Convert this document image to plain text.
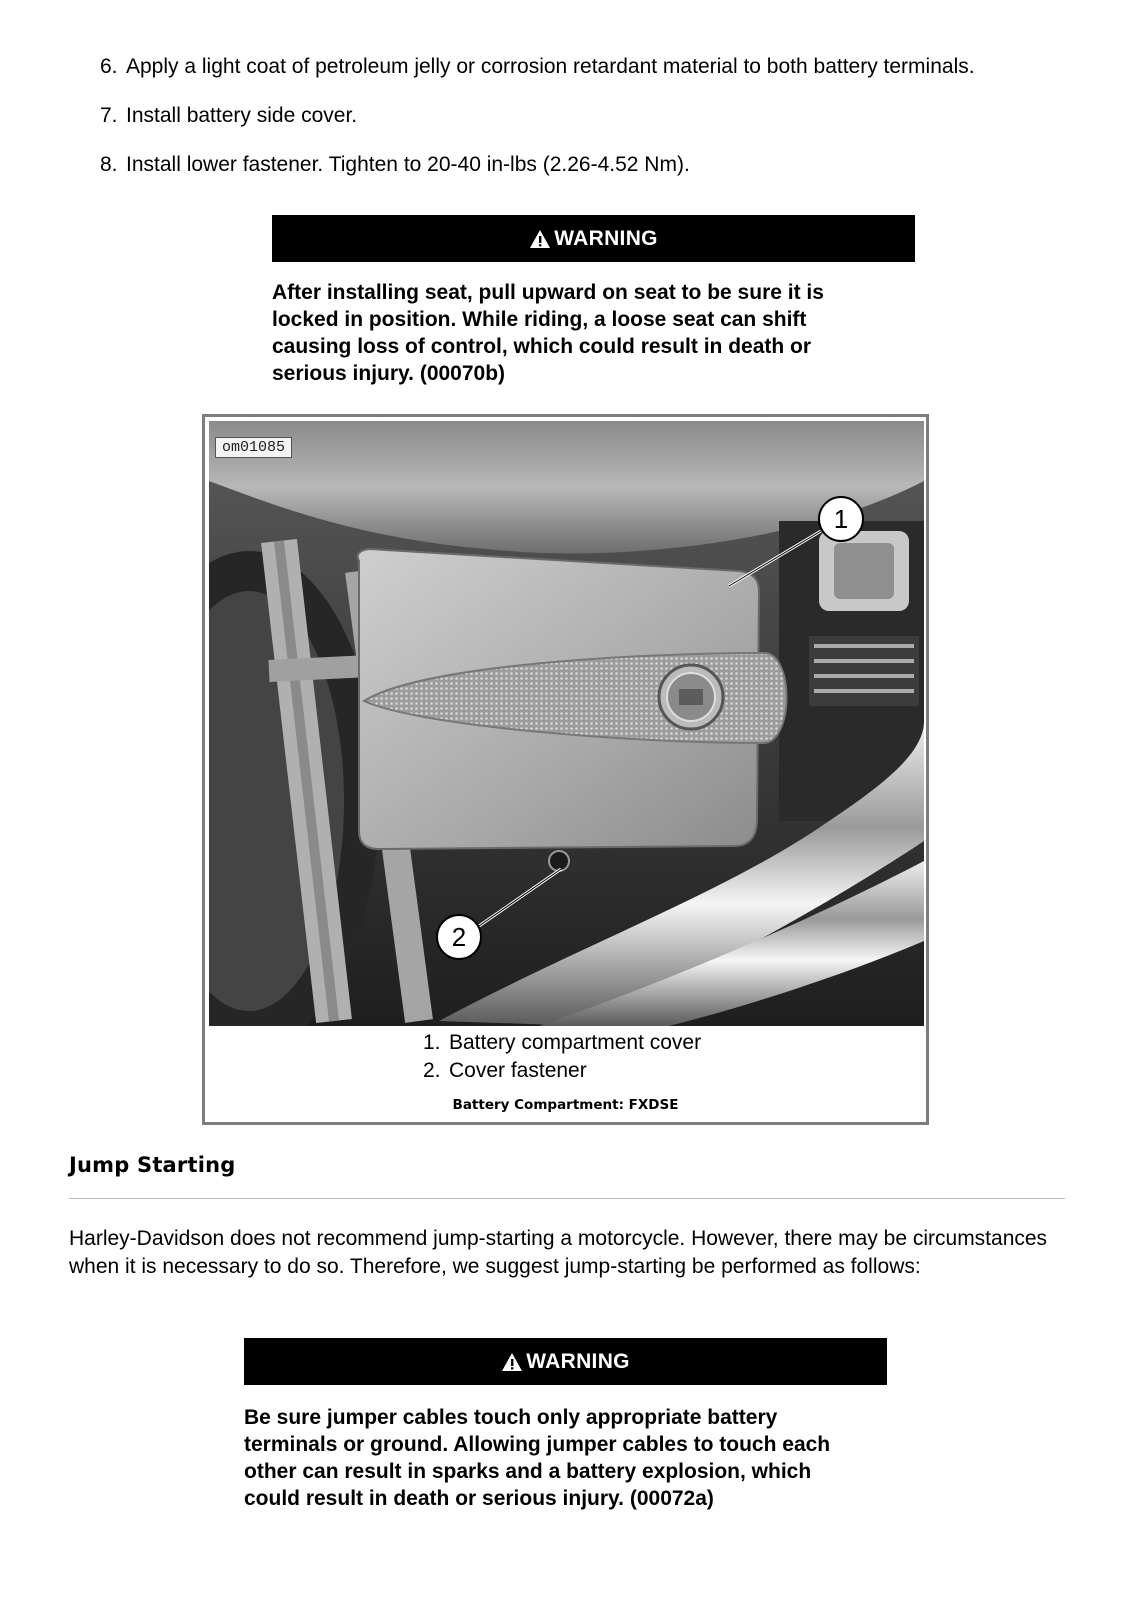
6. Apply a light coat of petroleum jelly or corrosion retardant material to both battery terminals.
7. Install battery side cover.
8. Install lower fastener. Tighten to 20-40 in-lbs (2.26-4.52 Nm).
WARNING
After installing seat, pull upward on seat to be sure it is
locked in position. While riding, a loose seat can shift
causing loss of control, which could result in death or
serious injury. (00070b)
1
2
om01085
1. Battery compartment cover
2. Cover fastener
Battery Compartment: FXDSE
Jump Starting

Harley-Davidson does not recommend jump-starting a motorcycle. However, there may be circumstances when it is necessary to do so. Therefore, we suggest jump-starting be performed as follows:

WARNING
Be sure jumper cables touch only appropriate battery
terminals or ground. Allowing jumper cables to touch each
other can result in sparks and a battery explosion, which
could result in death or serious injury. (00072a)
